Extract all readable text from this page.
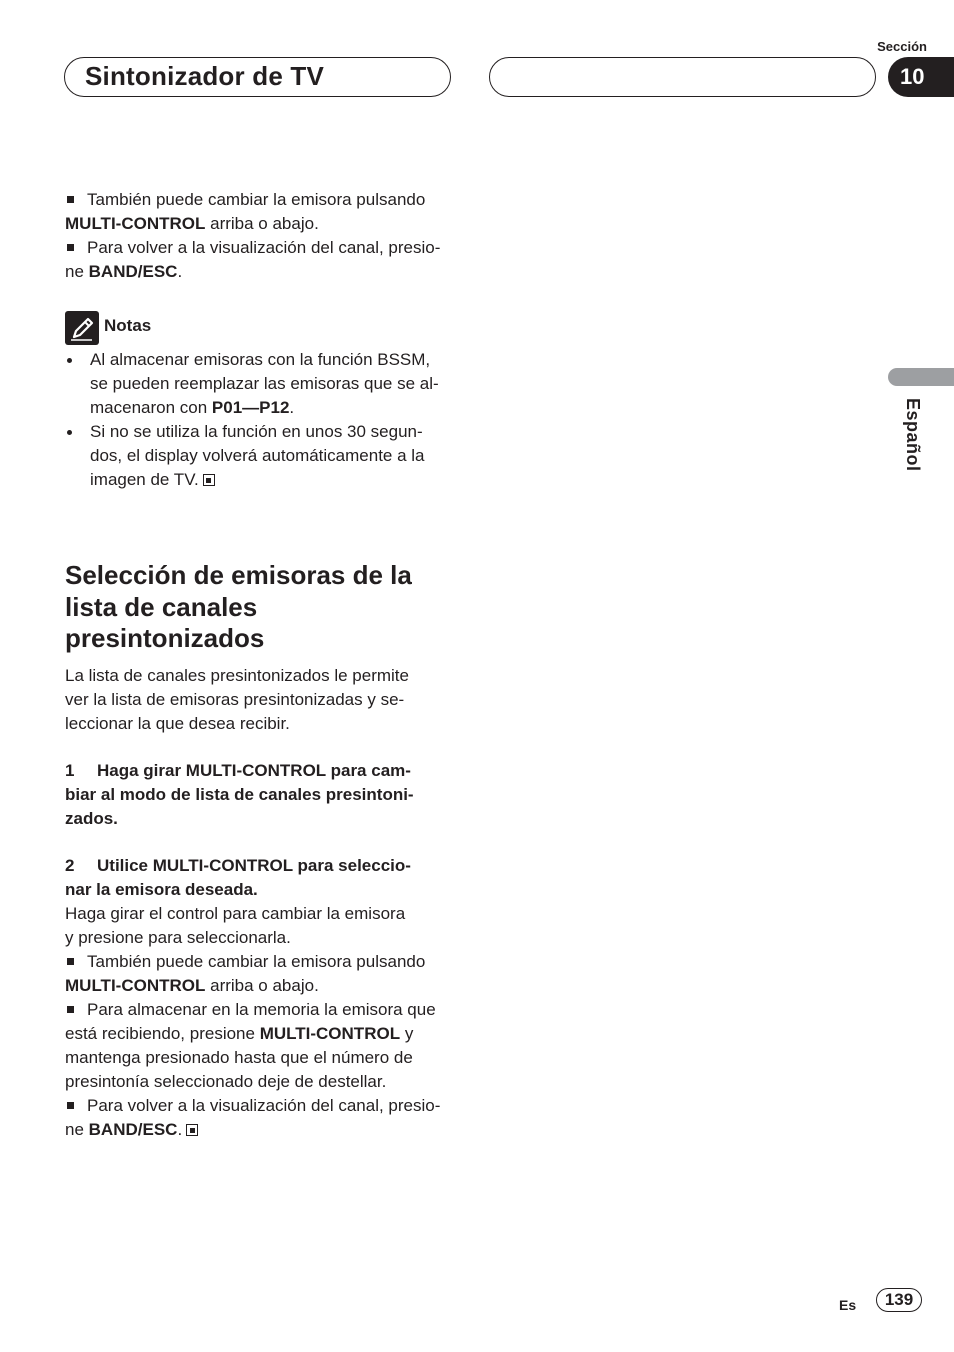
Sintonizador de TV
Sección
10
Español

También puede cambiar la emisora pulsando
MULTI-CONTROL arriba o abajo.

Para volver a la visualización del canal, presio-
ne BAND/ESC.

Notas
Al almacenar emisoras con la función BSSM,
se pueden reemplazar las emisoras que se al-
macenaron con P01—P12.
Si no se utiliza la función en unos 30 segun-
dos, el display volverá automáticamente a la
imagen de TV.
Selección de emisoras de la
lista de canales
presintonizados

La lista de canales presintonizados le permite
ver la lista de emisoras presintonizadas y se-
leccionar la que desea recibir.

1 Haga girar MULTI-CONTROL para cam-
biar al modo de lista de canales presintoni-
zados.

2 Utilice MULTI-CONTROL para seleccio-
nar la emisora deseada.

Haga girar el control para cambiar la emisora
y presione para seleccionarla.

También puede cambiar la emisora pulsando
MULTI-CONTROL arriba o abajo.

Para almacenar en la memoria la emisora que
está recibiendo, presione MULTI-CONTROL y
mantenga presionado hasta que el número de
presintonía seleccionado deje de destellar.

Para volver a la visualización del canal, presio-
ne BAND/ESC.

Es	139
